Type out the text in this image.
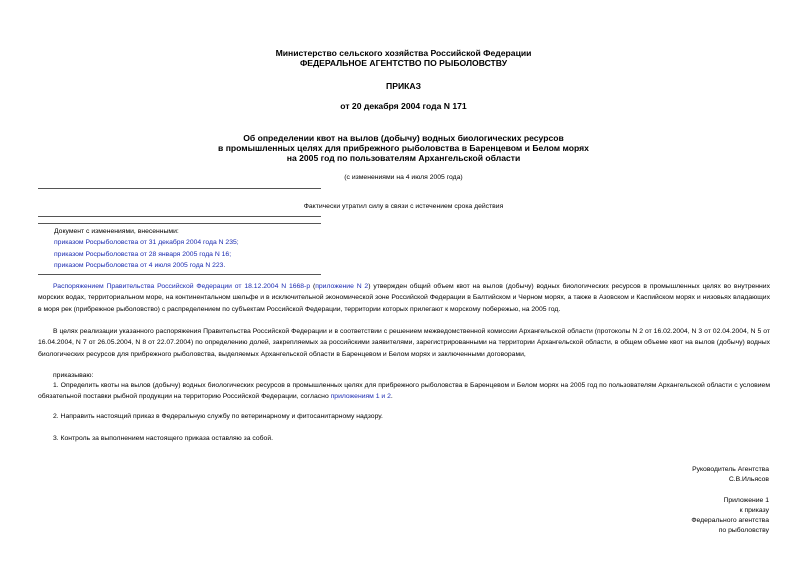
Министерство сельского хозяйства Российской Федерации
ФЕДЕРАЛЬНОЕ АГЕНТСТВО ПО РЫБОЛОВСТВУ
ПРИКАЗ
от 20 декабря 2004 года N 171
Об определении квот на вылов (добычу) водных биологических ресурсов
в промышленных целях для прибрежного рыболовства в Баренцевом и Белом морях
на 2005 год по пользователям Архангельской области
(с изменениями на 4 июля 2005 года)
Фактически утратил силу в связи с истечением срока действия
Документ с изменениями, внесенными:
приказом Росрыболовства от 31 декабря 2004 года N 235;
приказом Росрыболовства от 28 января 2005 года N 16;
приказом Росрыболовства от 4 июля 2005 года N 223.
Распоряжением Правительства Российской Федерации от 18.12.2004 N 1668-р (приложение N 2) утвержден общий объем квот на вылов (добычу) водных биологических ресурсов в промышленных целях во внутренних морских водах, территориальном море, на континентальном шельфе и в исключительной экономической зоне Российской Федерации в Балтийском и Черном морях, а также в Азовском и Каспийском морях и низовьях владающих в моря рек (прибрежное рыболовство) с распределением по субъектам Российской Федерации, территории которых прилегают к морскому побережью, на 2005 год.
В целях реализации указанного распоряжения Правительства Российской Федерации и в соответствии с решением межведомственной комиссии Архангельской области (протоколы N 2 от 16.02.2004, N 3 от 02.04.2004, N 5 от 16.04.2004, N 7 от 26.05.2004, N 8 от 22.07.2004) по определению долей, закрепляемых за российскими заявителями, зарегистрированными на территории Архангельской области, в общем объеме квот на вылов (добычу) водных биологических ресурсов для прибрежного рыболовства, выделяемых Архангельской области в Баренцевом и Белом морях и заключенными договорами,
приказываю:
1. Определить квоты на вылов (добычу) водных биологических ресурсов в промышленных целях для прибрежного рыболовства в Баренцевом и Белом морях на 2005 год по пользователям Архангельской области с условием обязательной поставки рыбной продукции на территорию Российской Федерации, согласно приложениям 1 и 2.
2. Направить настоящий приказ в Федеральную службу по ветеринарному и фитосанитарному надзору.
3. Контроль за выполнением настоящего приказа оставляю за собой.
Руководитель Агентства
С.В.Ильясов
Приложение 1
к приказу
Федерального агентства
по рыболовству
